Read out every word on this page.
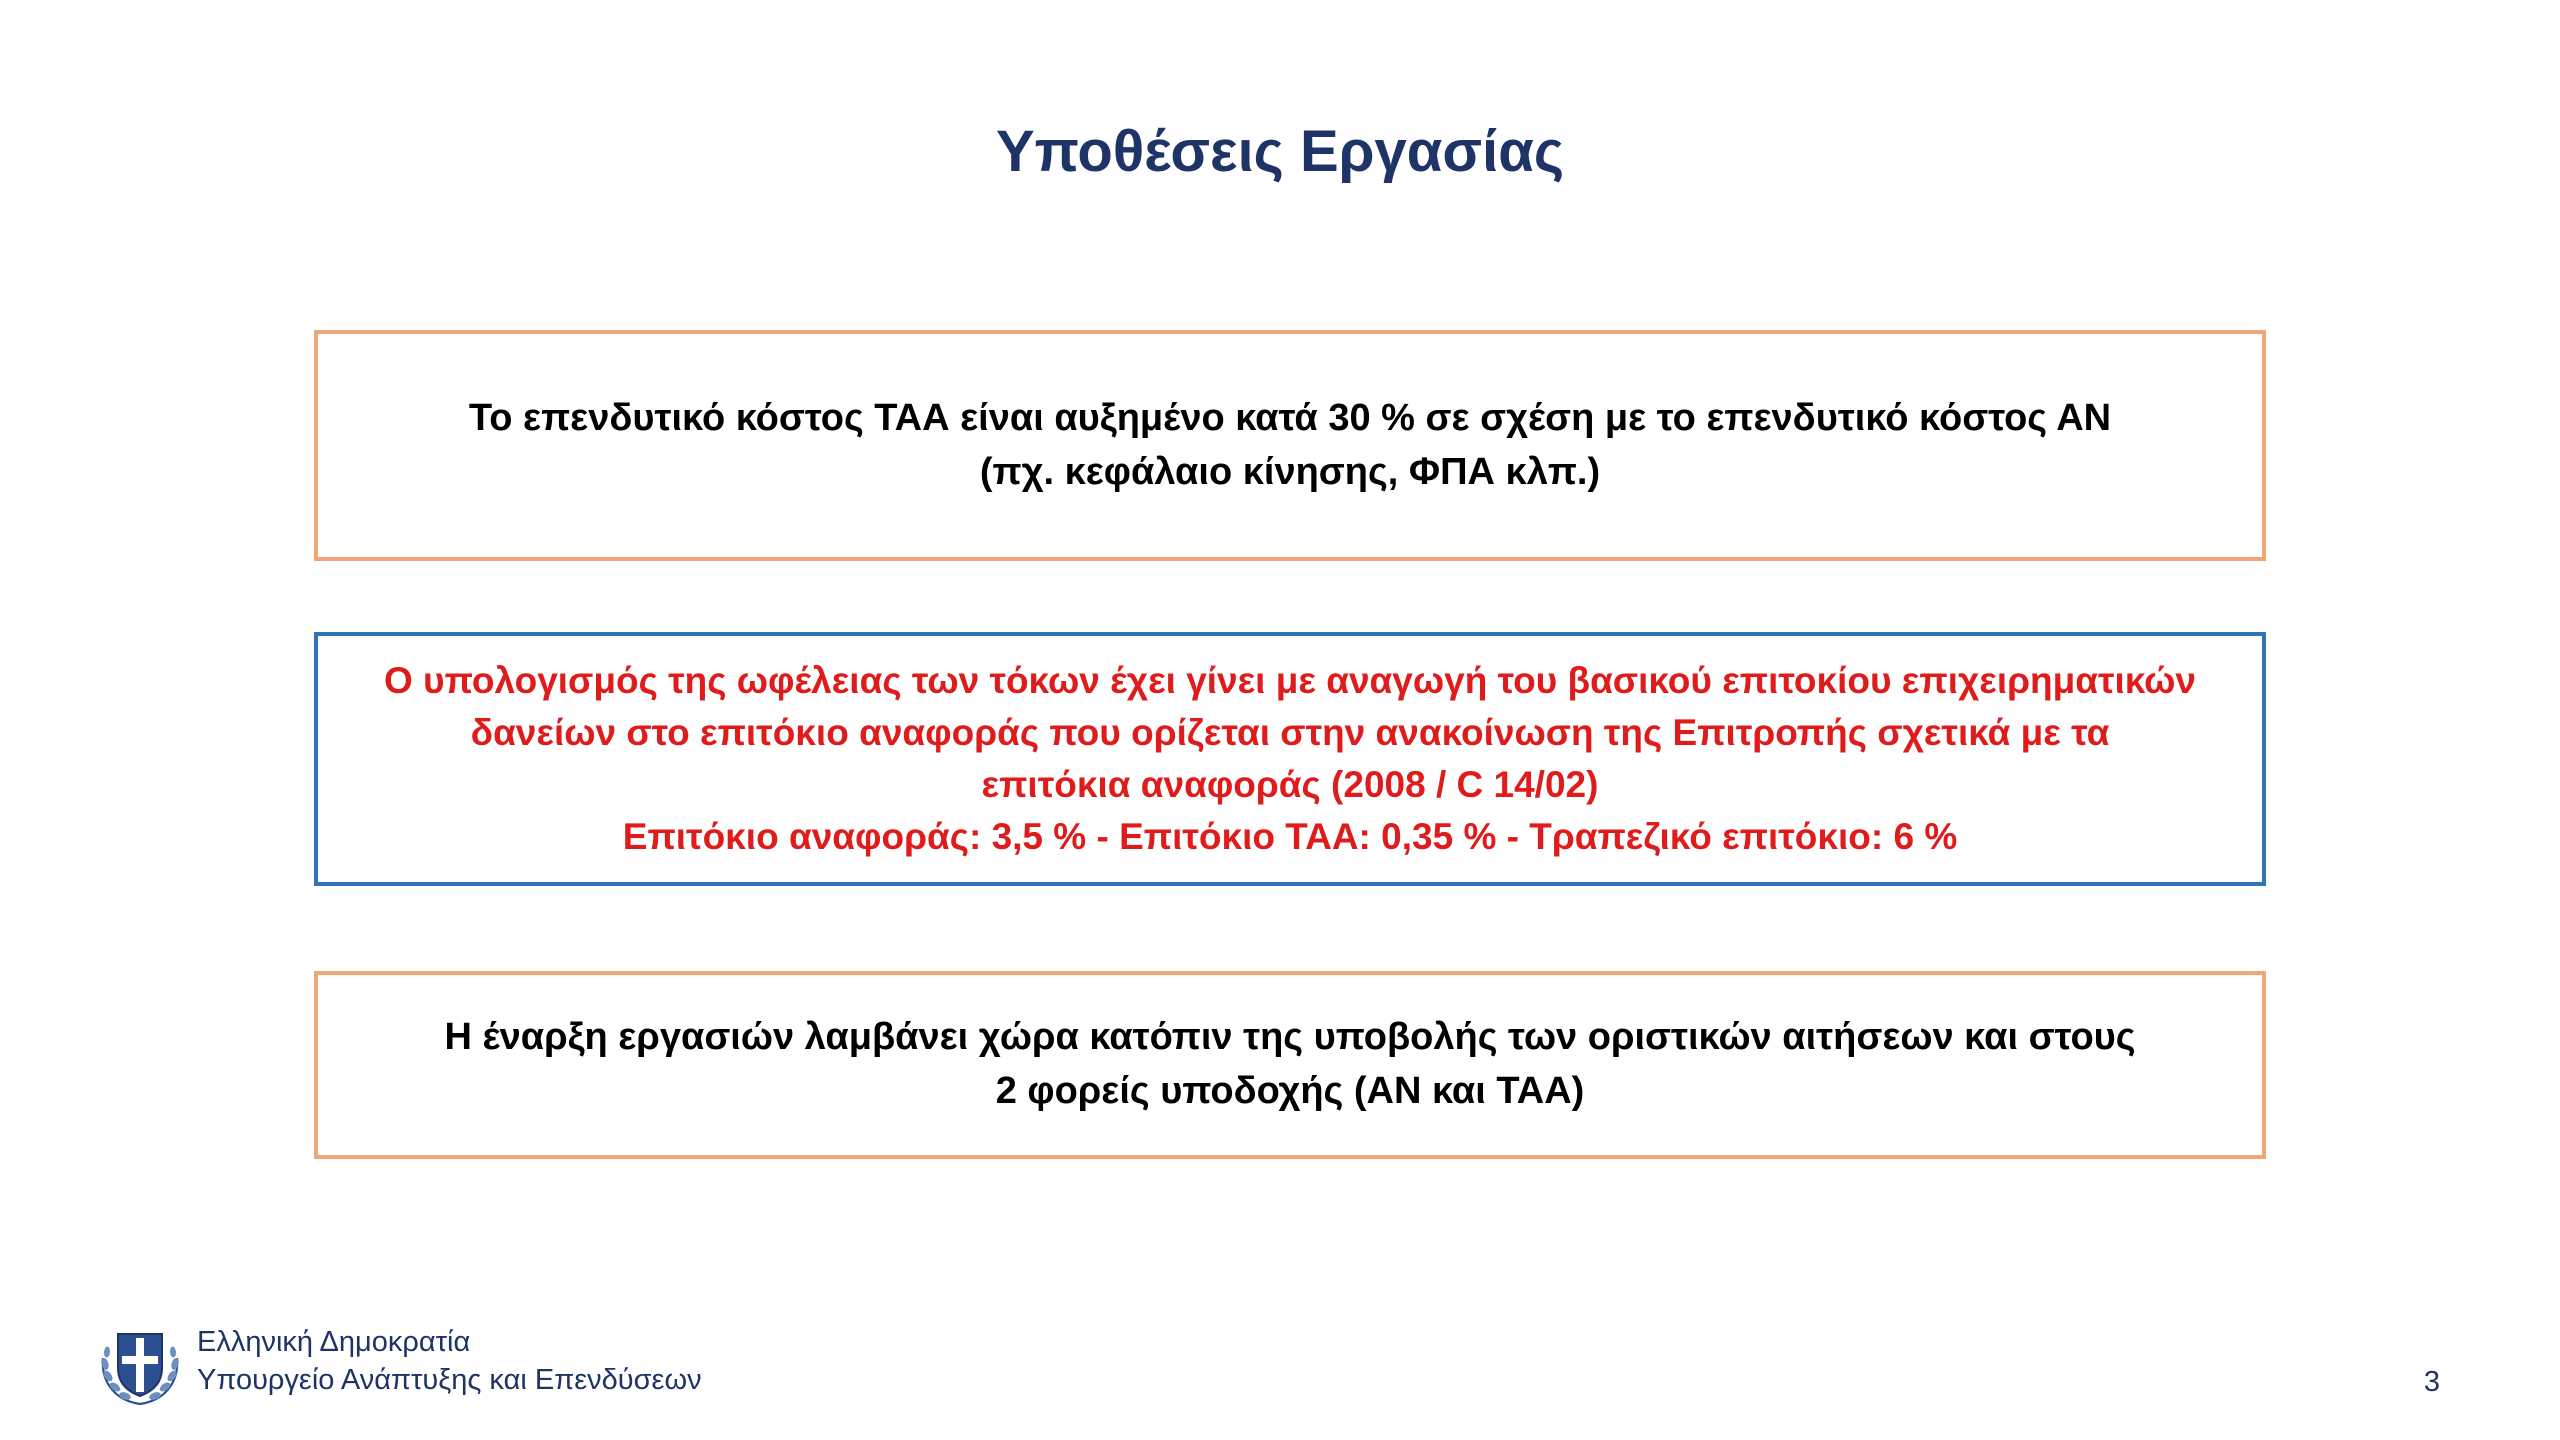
Υποθέσεις Εργασίας
Το επενδυτικό κόστος ΤΑΑ είναι αυξημένο κατά 30 % σε σχέση με το επενδυτικό κόστος ΑΝ
(πχ. κεφάλαιο κίνησης, ΦΠΑ κλπ.)
Ο υπολογισμός της ωφέλειας των τόκων έχει γίνει με αναγωγή του βασικού επιτοκίου επιχειρηματικών
δανείων στο επιτόκιο αναφοράς που ορίζεται στην ανακοίνωση της Επιτροπής σχετικά με τα
επιτόκια αναφοράς (2008 / C 14/02)
Επιτόκιο αναφοράς: 3,5 % - Επιτόκιο ΤΑΑ: 0,35 % - Τραπεζικό επιτόκιο: 6 %
Η έναρξη εργασιών λαμβάνει χώρα κατόπιν της υποβολής των οριστικών αιτήσεων και στους
2 φορείς υποδοχής (ΑΝ και ΤΑΑ)
Ελληνική Δημοκρατία
Υπουργείο Ανάπτυξης και Επενδύσεων	3
